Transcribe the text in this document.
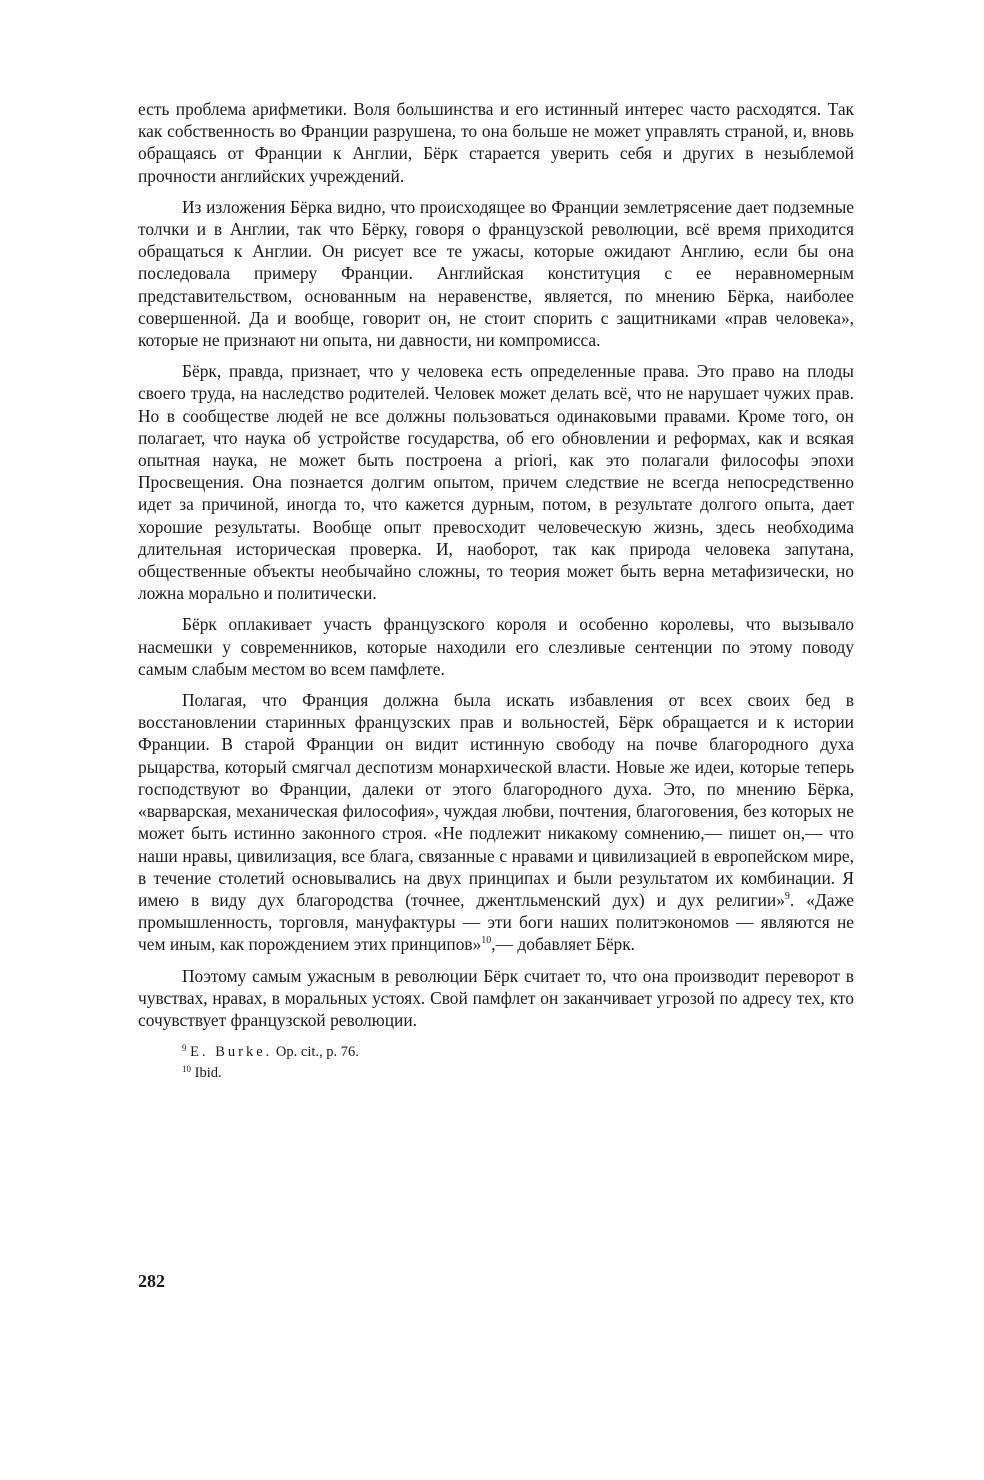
есть проблема арифметики. Воля большинства и его истинный интерес часто расходятся. Так как собственность во Франции разрушена, то она больше не может управлять страной, и, вновь обращаясь от Франции к Англии, Бёрк старается уверить себя и других в незыблемой прочности английских учреждений.

Из изложения Бёрка видно, что происходящее во Франции землетрясение дает подземные толчки и в Англии, так что Бёрку, говоря о французской революции, всё время приходится обращаться к Англии. Он рисует все те ужасы, которые ожидают Англию, если бы она последовала примеру Франции. Английская конституция с ее неравномерным представительством, основанным на неравенстве, является, по мнению Бёрка, наиболее совершенной. Да и вообще, говорит он, не стоит спорить с защитниками «прав человека», которые не признают ни опыта, ни давности, ни компромисса.

Бёрк, правда, признает, что у человека есть определенные права. Это право на плоды своего труда, на наследство родителей. Человек может делать всё, что не нарушает чужих прав. Но в сообществе людей не все должны пользоваться одинаковыми правами. Кроме того, он полагает, что наука об устройстве государства, об его обновлении и реформах, как и всякая опытная наука, не может быть построена a priori, как это полагали философы эпохи Просвещения. Она познается долгим опытом, причем следствие не всегда непосредственно идет за причиной, иногда то, что кажется дурным, потом, в результате долгого опыта, дает хорошие результаты. Вообще опыт превосходит человеческую жизнь, здесь необходима длительная историческая проверка. И, наоборот, так как природа человека запутана, общественные объекты необычайно сложны, то теория может быть верна метафизически, но ложна морально и политически.

Бёрк оплакивает участь французского короля и особенно королевы, что вызывало насмешки у современников, которые находили его слезливые сентенции по этому поводу самым слабым местом во всем памфлете.

Полагая, что Франция должна была искать избавления от всех своих бед в восстановлении старинных французских прав и вольностей, Бёрк обращается и к истории Франции. В старой Франции он видит истинную свободу на почве благородного духа рыцарства, который смягчал деспотизм монархической власти. Новые же идеи, которые теперь господствуют во Франции, далеки от этого благородного духа. Это, по мнению Бёрка, «варварская, механическая философия», чуждая любви, почтения, благоговения, без которых не может быть истинно законного строя. «Не подлежит никакому сомнению,— пишет он,— что наши нравы, цивилизация, все блага, связанные с нравами и цивилизацией в европейском мире, в течение столетий основывались на двух принципах и были результатом их комбинации. Я имею в виду дух благородства (точнее, джентльменский дух) и дух религии»$^9$. «Даже промышленность, торговля, мануфактуры — эти боги наших политэкономов — являются не чем иным, как порождением этих принципов»$^{10}$,— добавляет Бёрк.

Поэтому самым ужасным в революции Бёрк считает то, что она производит переворот в чувствах, нравах, в моральных устоях. Свой памфлет он заканчивает угрозой по адресу тех, кто сочувствует французской революции.

$^9$ E. Burke. Op. cit., p. 76.

$^{10}$ Ibid.

282
